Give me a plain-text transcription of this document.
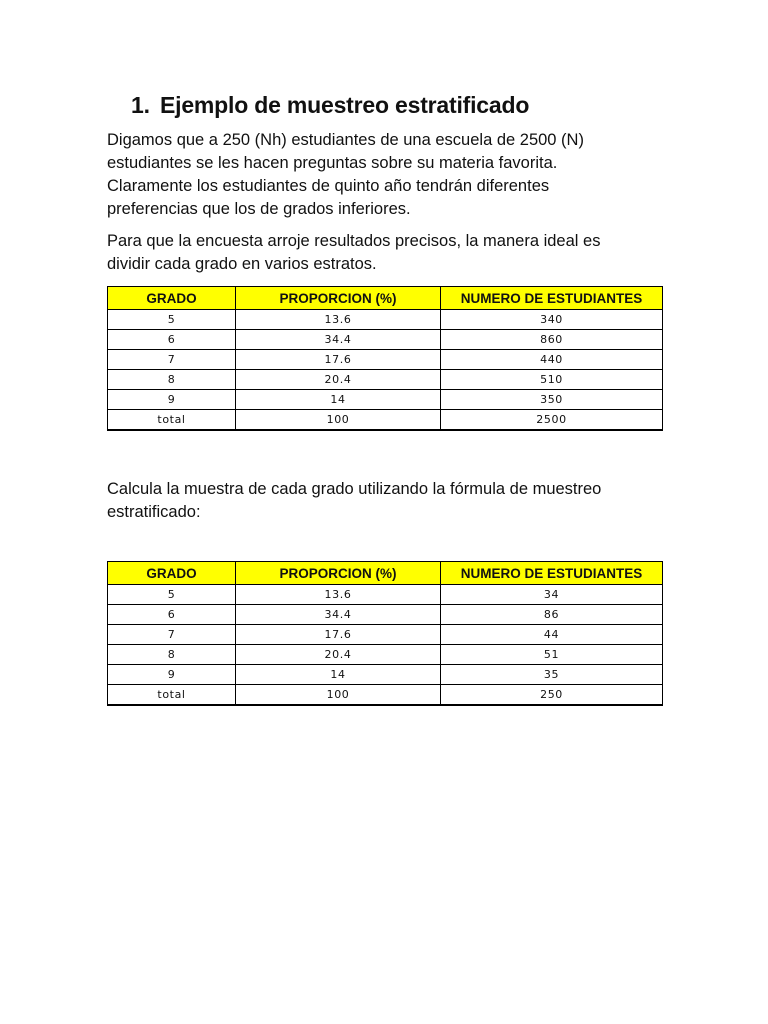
1. Ejemplo de muestreo estratificado

Digamos que a 250 (Nh) estudiantes de una escuela de 2500 (N)
estudiantes se les hacen preguntas sobre su materia favorita.
Claramente los estudiantes de quinto año tendrán diferentes
preferencias que los de grados inferiores.

Para que la encuesta arroje resultados precisos, la manera ideal es
dividir cada grado en varios estratos.

GRADO	PROPORCION (%)	NUMERO DE ESTUDIANTES
5	13.6	340
6	34.4	860
7	17.6	440
8	20.4	510
9	14	350
total	100	2500

Calcula la muestra de cada grado utilizando la fórmula de muestreo
estratificado:

GRADO	PROPORCION (%)	NUMERO DE ESTUDIANTES
5	13.6	34
6	34.4	86
7	17.6	44
8	20.4	51
9	14	35
total	100	250
